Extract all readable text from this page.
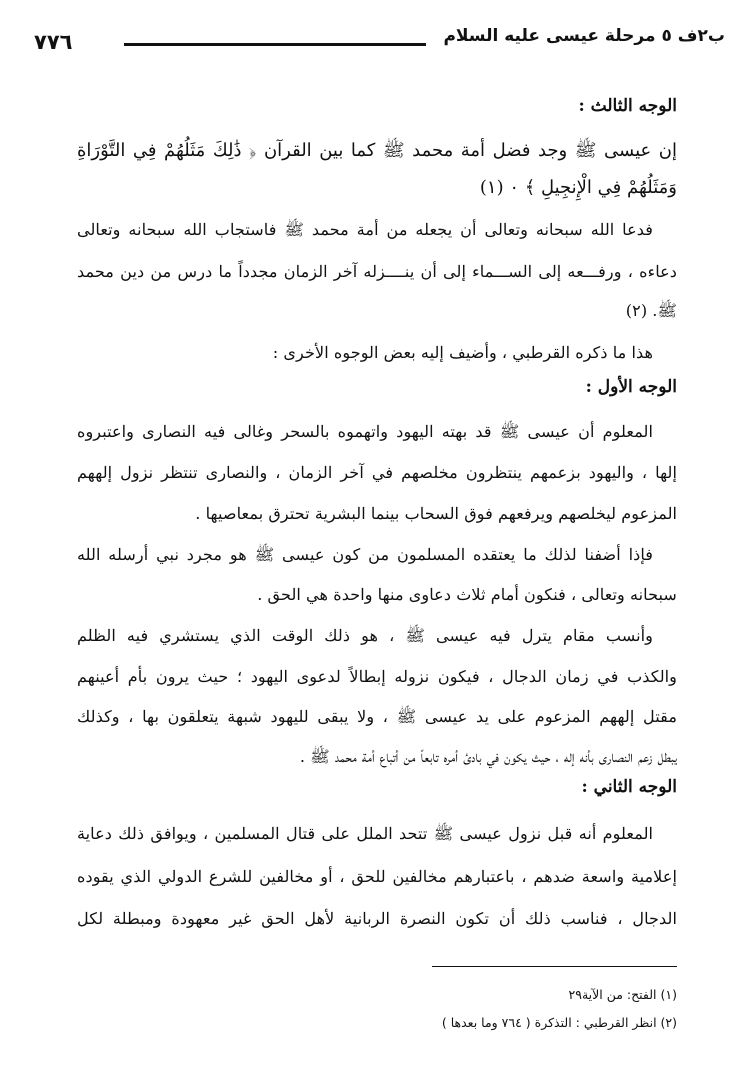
ب٢ف ٥ مرحلة عيسى عليه السلام
٧٧٦
الوجه الثالث :
إن عيسى ﷺ وجد فضل أمة محمد ﷺ كما بين القرآن ﴿ ذَٰلِكَ مَثَلُهُمْ فِي التَّوْرَاةِ
وَمَثَلُهُمْ فِي الْإِنجِيلِ ﴾ ٠ (١)
فدعا الله سبحانه وتعالى أن يجعله من أمة محمد ﷺ فاستجاب الله سبحانه وتعالى
دعاءه ، ورفـــعه إلى الســـماء إلى أن ينــــزله آخر الزمان مجدداً ما درس من دين محمد
ﷺ. (٢)
هذا ما ذكره القرطبي ، وأضيف إليه بعض الوجوه الأخرى :
الوجه الأول :
المعلوم أن عيسى ﷺ قد بهته اليهود واتهموه بالسحر وغالى فيه النصارى واعتبروه
إلها ، واليهود بزعمهم ينتظرون مخلصهم في آخر الزمان ، والنصارى تنتظر نزول إلههم
المزعوم ليخلصهم ويرفعهم فوق السحاب بينما البشرية تحترق بمعاصيها .
فإذا أضفنا لذلك ما يعتقده المسلمون من كون عيسى ﷺ هو مجرد نبي أرسله الله
سبحانه وتعالى ، فنكون أمام ثلاث دعاوى منها واحدة هي الحق .
وأنسب مقام يترل فيه عيسى ﷺ ، هو ذلك الوقت الذي يستشري فيه الظلم
والكذب في زمان الدجال ، فيكون نزوله إبطالاً لدعوى اليهود ؛ حيث يرون بأم أعينهم
مقتل إلههم المزعوم على يد عيسى ﷺ ، ولا يبقى لليهود شبهة يتعلقون بها ، وكذلك
يبطل زعم النصارى بأنه إله ، حيث يكون في بادئ أمره تابعاً من أتباع أمة محمد ﷺ .
الوجه الثاني :
المعلوم أنه قبل نزول عيسى ﷺ تتحد الملل على قتال المسلمين ، ويوافق ذلك دعاية
إعلامية واسعة ضدهم ، باعتبارهم مخالفين للحق ، أو مخالفين للشرع الدولي الذي يقوده
الدجال ، فناسب ذلك أن تكون النصرة الربانية لأهل الحق غير معهودة ومبطلة لكل
(١) الفتح: من الآية٢٩
(٢) انظر القرطبي : التذكرة ( ٧٦٤ وما بعدها )
